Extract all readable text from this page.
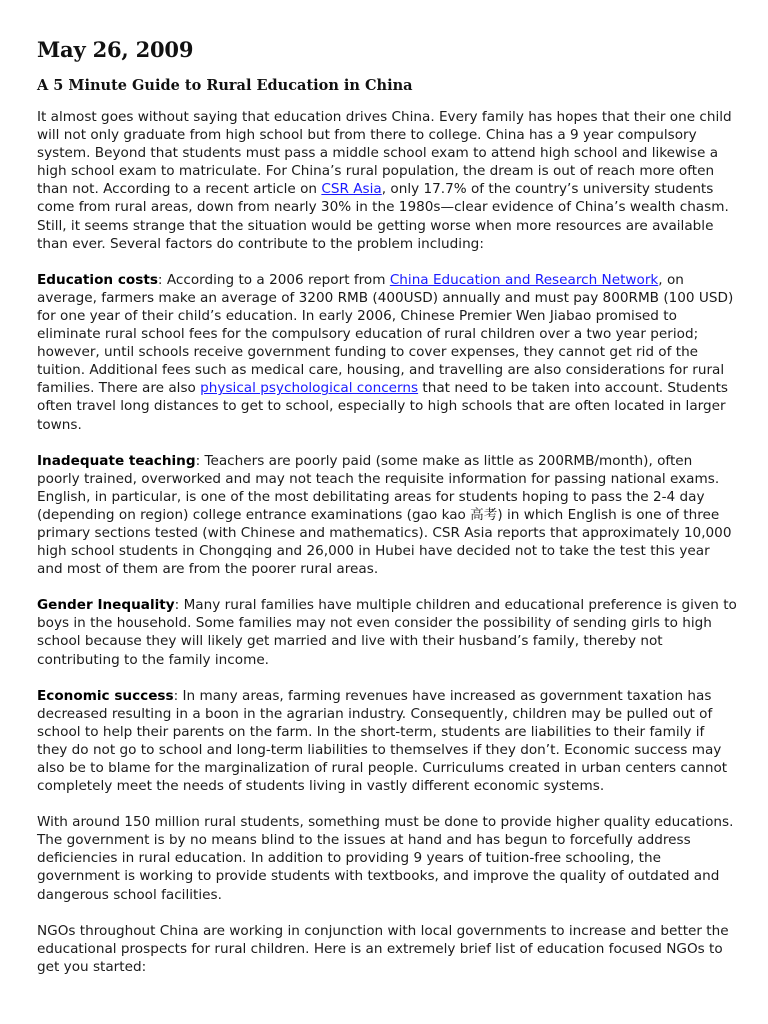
May 26, 2009
A 5 Minute Guide to Rural Education in China

It almost goes without saying that education drives China. Every family has hopes that their one child will not only graduate from high school but from there to college. China has a 9 year compulsory system. Beyond that students must pass a middle school exam to attend high school and likewise a high school exam to matriculate. For China’s rural population, the dream is out of reach more often than not. According to a recent article on CSR Asia, only 17.7% of the country’s university students come from rural areas, down from nearly 30% in the 1980s—clear evidence of China’s wealth chasm. Still, it seems strange that the situation would be getting worse when more resources are available than ever. Several factors do contribute to the problem including:

Education costs: According to a 2006 report from China Education and Research Network, on average, farmers make an average of 3200 RMB (400USD) annually and must pay 800RMB (100 USD) for one year of their child’s education. In early 2006, Chinese Premier Wen Jiabao promised to eliminate rural school fees for the compulsory education of rural children over a two year period; however, until schools receive government funding to cover expenses, they cannot get rid of the tuition. Additional fees such as medical care, housing, and travelling are also considerations for rural families. There are also physical psychological concerns that need to be taken into account. Students often travel long distances to get to school, especially to high schools that are often located in larger towns.

Inadequate teaching: Teachers are poorly paid (some make as little as 200RMB/month), often poorly trained, overworked and may not teach the requisite information for passing national exams. English, in particular, is one of the most debilitating areas for students hoping to pass the 2-4 day (depending on region) college entrance examinations (gao kao 高考) in which English is one of three primary sections tested (with Chinese and mathematics). CSR Asia reports that approximately 10,000 high school students in Chongqing and 26,000 in Hubei have decided not to take the test this year and most of them are from the poorer rural areas.

Gender Inequality: Many rural families have multiple children and educational preference is given to boys in the household. Some families may not even consider the possibility of sending girls to high school because they will likely get married and live with their husband’s family, thereby not contributing to the family income.

Economic success: In many areas, farming revenues have increased as government taxation has decreased resulting in a boon in the agrarian industry. Consequently, children may be pulled out of school to help their parents on the farm. In the short-term, students are liabilities to their family if they do not go to school and long-term liabilities to themselves if they don’t. Economic success may also be to blame for the marginalization of rural people. Curriculums created in urban centers cannot completely meet the needs of students living in vastly different economic systems.

With around 150 million rural students, something must be done to provide higher quality educations. The government is by no means blind to the issues at hand and has begun to forcefully address deficiencies in rural education. In addition to providing 9 years of tuition-free schooling, the government is working to provide students with textbooks, and improve the quality of outdated and dangerous school facilities.

NGOs throughout China are working in conjunction with local governments to increase and better the educational prospects for rural children. Here is an extremely brief list of education focused NGOs to get you started:
